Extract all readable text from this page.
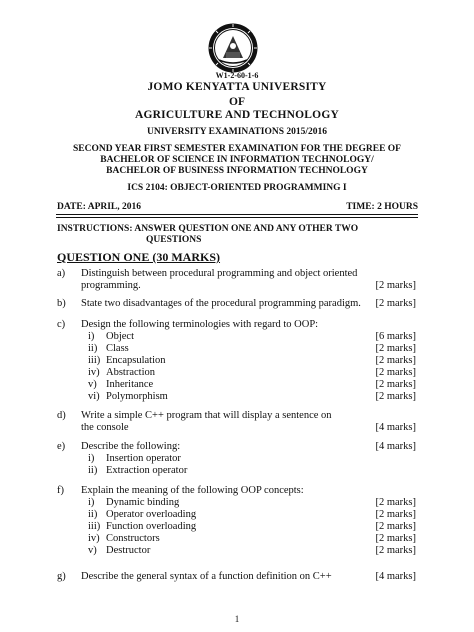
W1-2-60-1-6
JOMO KENYATTA UNIVERSITY
OF
AGRICULTURE AND TECHNOLOGY
UNIVERSITY EXAMINATIONS 2015/2016
SECOND YEAR FIRST SEMESTER EXAMINATION FOR THE DEGREE OF
BACHELOR OF SCIENCE IN INFORMATION TECHNOLOGY/
BACHELOR OF BUSINESS INFORMATION TECHNOLOGY
ICS 2104: OBJECT-ORIENTED PROGRAMMING I
DATE: APRIL, 2016	TIME: 2 HOURS
INSTRUCTIONS: ANSWER QUESTION ONE AND ANY OTHER TWO
QUESTIONS
QUESTION ONE (30 MARKS)
a) Distinguish between procedural programming and object oriented
programming.	[2 marks]
b) State two disadvantages of the procedural programming paradigm. [2 marks]
c) Design the following terminologies with regard to OOP:
i) Object	[6 marks]
ii) Class	[2 marks]
iii) Encapsulation	[2 marks]
iv) Abstraction	[2 marks]
v) Inheritance	[2 marks]
vi) Polymorphism	[2 marks]
d) Write a simple C++ program that will display a sentence on
the console	[4 marks]
e) Describe the following:	[4 marks]
i) Insertion operator
ii) Extraction operator
f) Explain the meaning of the following OOP concepts:
i) Dynamic binding	[2 marks]
ii) Operator overloading	[2 marks]
iii) Function overloading	[2 marks]
iv) Constructors	[2 marks]
v) Destructor	[2 marks]
g) Describe the general syntax of a function definition on C++	[4 marks]
1
